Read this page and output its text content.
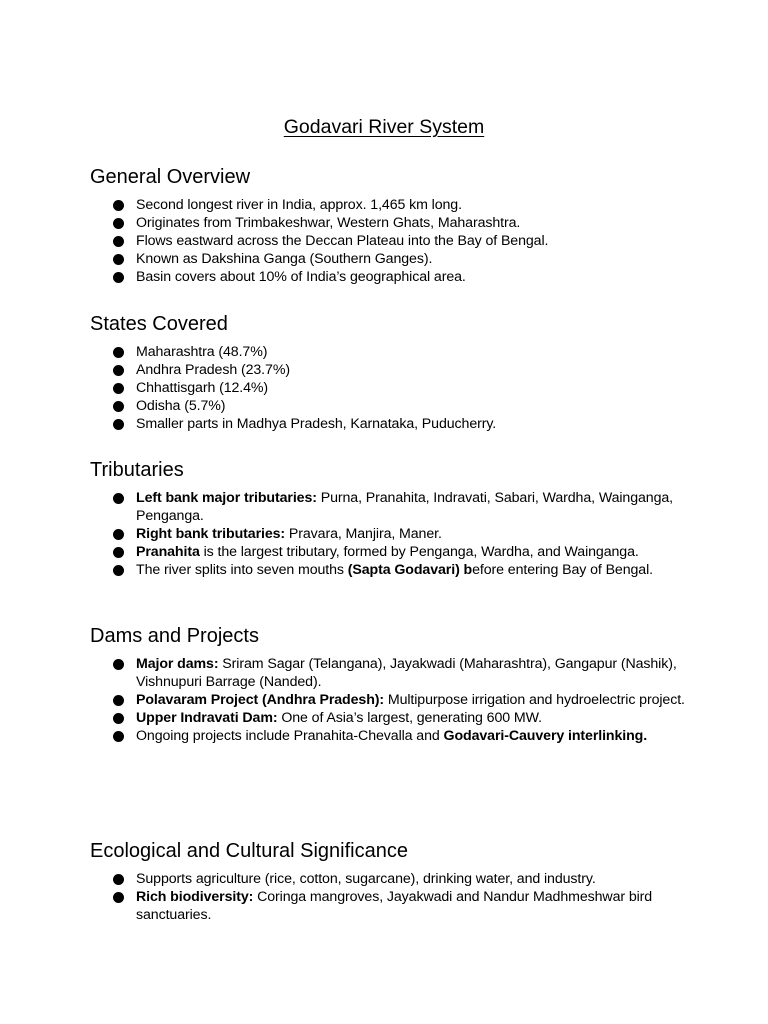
Godavari River System
General Overview
Second longest river in India, approx. 1,465 km long.
Originates from Trimbakeshwar, Western Ghats, Maharashtra.
Flows eastward across the Deccan Plateau into the Bay of Bengal.
Known as Dakshina Ganga (Southern Ganges).
Basin covers about 10% of India’s geographical area.
States Covered
Maharashtra (48.7%)
Andhra Pradesh (23.7%)
Chhattisgarh (12.4%)
Odisha (5.7%)
Smaller parts in Madhya Pradesh, Karnataka, Puducherry.
Tributaries
Left bank major tributaries: Purna, Pranahita, Indravati, Sabari, Wardha, Wainganga, Penganga.
Right bank tributaries: Pravara, Manjira, Maner.
Pranahita is the largest tributary, formed by Penganga, Wardha, and Wainganga.
The river splits into seven mouths (Sapta Godavari) before entering Bay of Bengal.
Dams and Projects
Major dams: Sriram Sagar (Telangana), Jayakwadi (Maharashtra), Gangapur (Nashik), Vishnupuri Barrage (Nanded).
Polavaram Project (Andhra Pradesh): Multipurpose irrigation and hydroelectric project.
Upper Indravati Dam: One of Asia’s largest, generating 600 MW.
Ongoing projects include Pranahita-Chevalla and Godavari-Cauvery interlinking.
Ecological and Cultural Significance
Supports agriculture (rice, cotton, sugarcane), drinking water, and industry.
Rich biodiversity: Coringa mangroves, Jayakwadi and Nandur Madhmeshwar bird sanctuaries.
